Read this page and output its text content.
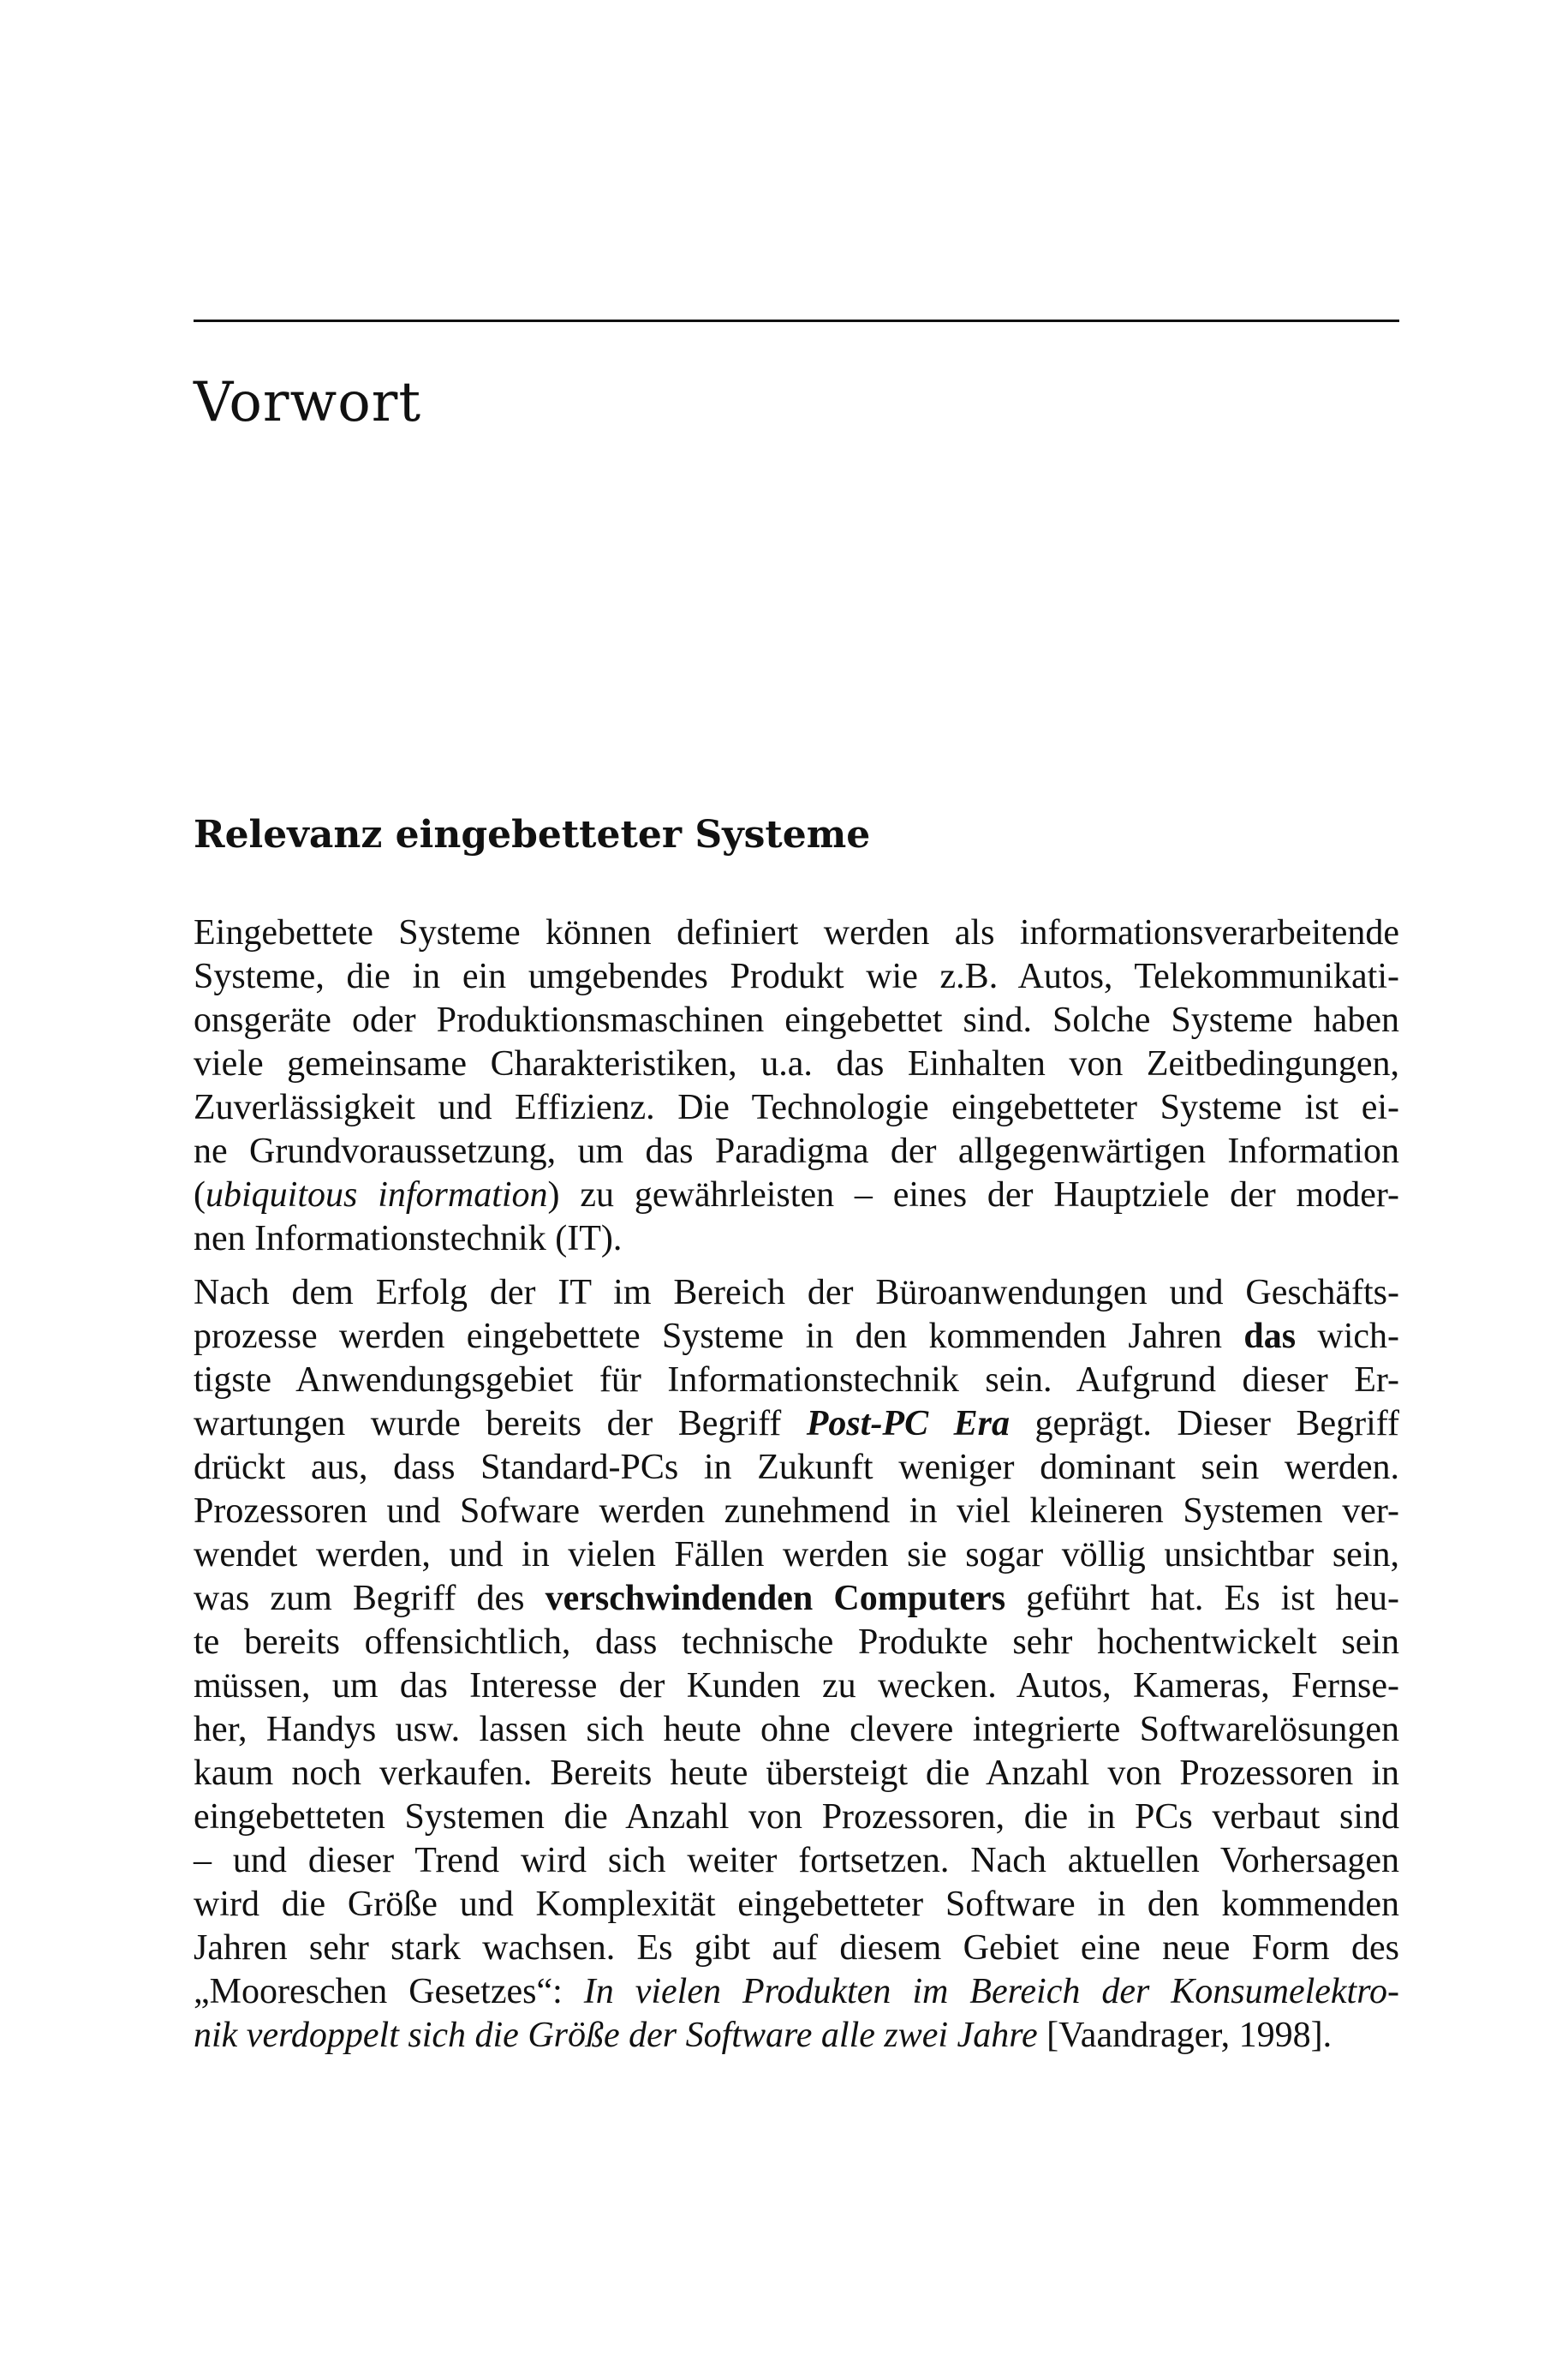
Vorwort
Relevanz eingebetteter Systeme

Eingebettete Systeme können definiert werden als informationsverarbeitende
Systeme, die in ein umgebendes Produkt wie z.B. Autos, Telekommunikati-
onsgeräte oder Produktionsmaschinen eingebettet sind. Solche Systeme haben
viele gemeinsame Charakteristiken, u.a. das Einhalten von Zeitbedingungen,
Zuverlässigkeit und Effizienz. Die Technologie eingebetteter Systeme ist ei-
ne Grundvoraussetzung, um das Paradigma der allgegenwärtigen Information
(ubiquitous information) zu gewährleisten – eines der Hauptziele der moder-
nen Informationstechnik (IT).

Nach dem Erfolg der IT im Bereich der Büroanwendungen und Geschäfts-
prozesse werden eingebettete Systeme in den kommenden Jahren das wich-
tigste Anwendungsgebiet für Informationstechnik sein. Aufgrund dieser Er-
wartungen wurde bereits der Begriff Post-PC Era geprägt. Dieser Begriff
drückt aus, dass Standard-PCs in Zukunft weniger dominant sein werden.
Prozessoren und Sofware werden zunehmend in viel kleineren Systemen ver-
wendet werden, und in vielen Fällen werden sie sogar völlig unsichtbar sein,
was zum Begriff des verschwindenden Computers geführt hat. Es ist heu-
te bereits offensichtlich, dass technische Produkte sehr hochentwickelt sein
müssen, um das Interesse der Kunden zu wecken. Autos, Kameras, Fernse-
her, Handys usw. lassen sich heute ohne clevere integrierte Softwarelösungen
kaum noch verkaufen. Bereits heute übersteigt die Anzahl von Prozessoren in
eingebetteten Systemen die Anzahl von Prozessoren, die in PCs verbaut sind
– und dieser Trend wird sich weiter fortsetzen. Nach aktuellen Vorhersagen
wird die Größe und Komplexität eingebetteter Software in den kommenden
Jahren sehr stark wachsen. Es gibt auf diesem Gebiet eine neue Form des
„Mooreschen Gesetzes“: In vielen Produkten im Bereich der Konsumelektro-
nik verdoppelt sich die Größe der Software alle zwei Jahre [Vaandrager, 1998].
